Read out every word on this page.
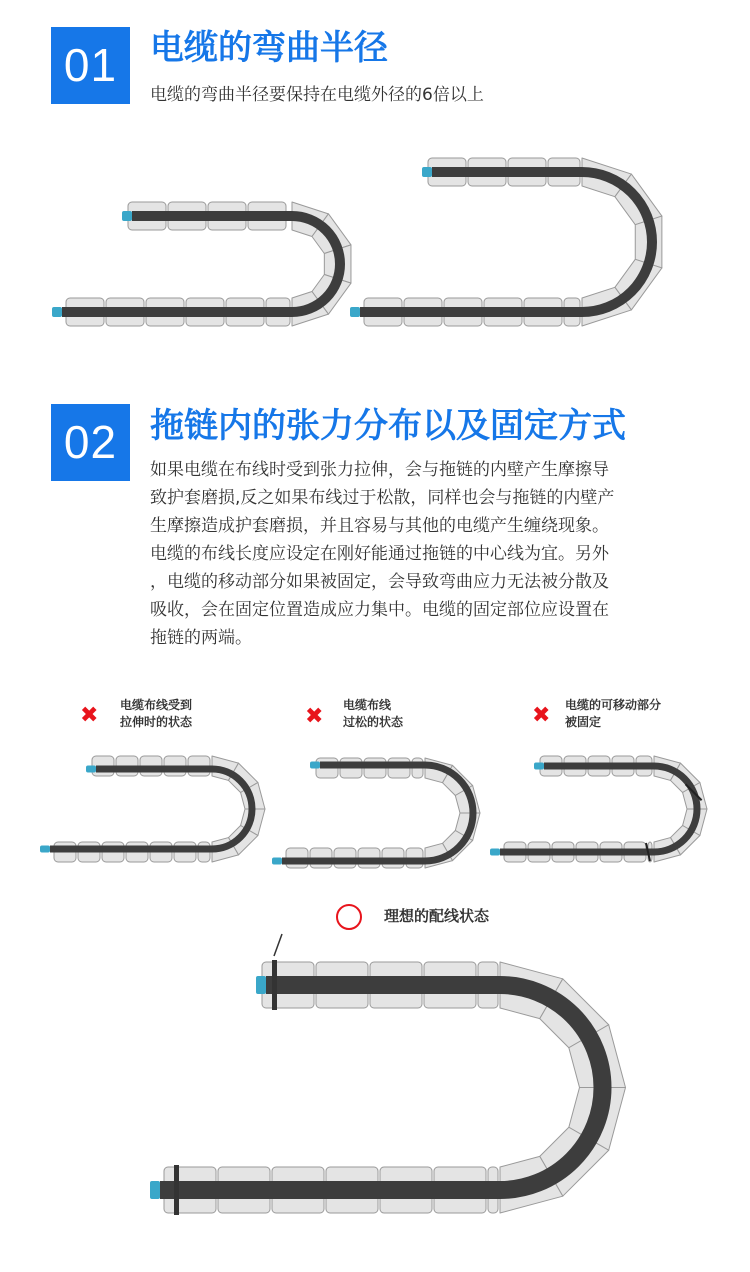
01 电缆的弯曲半径
电缆的弯曲半径要保持在电缆外径的6倍以上
02 拖链内的张力分布以及固定方式
如果电缆在布线时受到张力拉伸，会与拖链的内壁产生摩擦导
致护套磨损,反之如果布线过于松散，同样也会与拖链的内壁产
生摩擦造成护套磨损，并且容易与其他的电缆产生缠绕现象。
电缆的布线长度应设定在刚好能通过拖链的中心线为宜。另外
，电缆的移动部分如果被固定，会导致弯曲应力无法被分散及
吸收，会在固定位置造成应力集中。电缆的固定部位应设置在
拖链的两端。
✖ 电缆布线受到
拉伸时的状态	✖ 电缆布线
过松的状态	✖ 电缆的可移动部分
被固定
理想的配线状态
